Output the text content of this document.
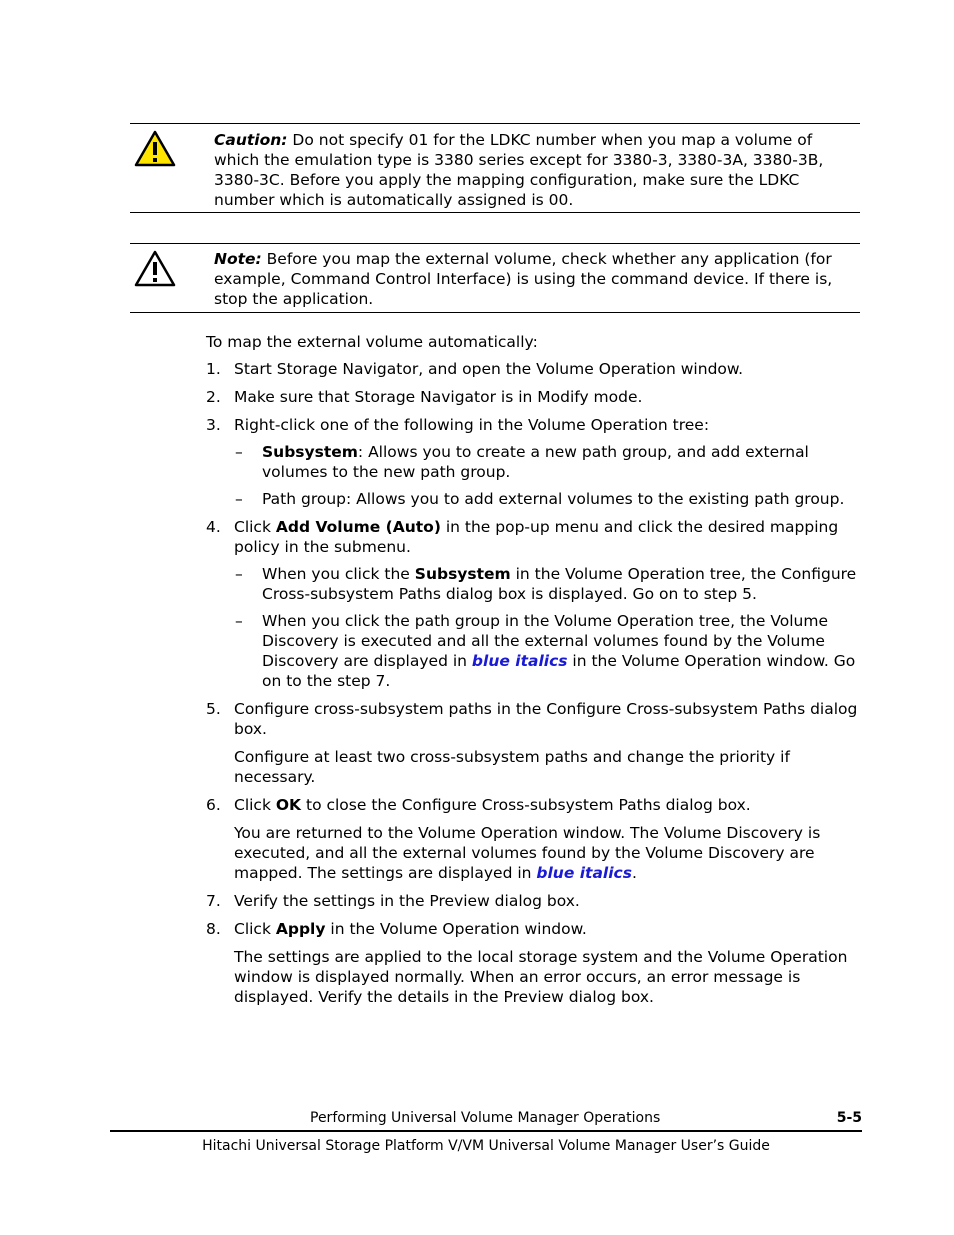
Caution: Do not specify 01 for the LDKC number when you map a volume of which the emulation type is 3380 series except for 3380-3, 3380-3A, 3380-3B, 3380-3C. Before you apply the mapping configuration, make sure the LDKC number which is automatically assigned is 00.
Note: Before you map the external volume, check whether any application (for example, Command Control Interface) is using the command device. If there is, stop the application.

To map the external volume automatically:

1. Start Storage Navigator, and open the Volume Operation window.
2. Make sure that Storage Navigator is in Modify mode.
3. Right-click one of the following in the Volume Operation tree:
– Subsystem: Allows you to create a new path group, and add external volumes to the new path group.
– Path group: Allows you to add external volumes to the existing path group.
4. Click Add Volume (Auto) in the pop-up menu and click the desired mapping policy in the submenu.
– When you click the Subsystem in the Volume Operation tree, the Configure Cross-subsystem Paths dialog box is displayed. Go on to step 5.
– When you click the path group in the Volume Operation tree, the Volume Discovery is executed and all the external volumes found by the Volume Discovery are displayed in blue italics in the Volume Operation window. Go on to the step 7.
5. Configure cross-subsystem paths in the Configure Cross-subsystem Paths dialog box.

Configure at least two cross-subsystem paths and change the priority if necessary.

6. Click OK to close the Configure Cross-subsystem Paths dialog box.

You are returned to the Volume Operation window. The Volume Discovery is executed, and all the external volumes found by the Volume Discovery are mapped. The settings are displayed in blue italics.

7. Verify the settings in the Preview dialog box.
8. Click Apply in the Volume Operation window.

The settings are applied to the local storage system and the Volume Operation window is displayed normally. When an error occurs, an error message is displayed. Verify the details in the Preview dialog box.

Performing Universal Volume Manager Operations	5-5
Hitachi Universal Storage Platform V/VM Universal Volume Manager User’s Guide
